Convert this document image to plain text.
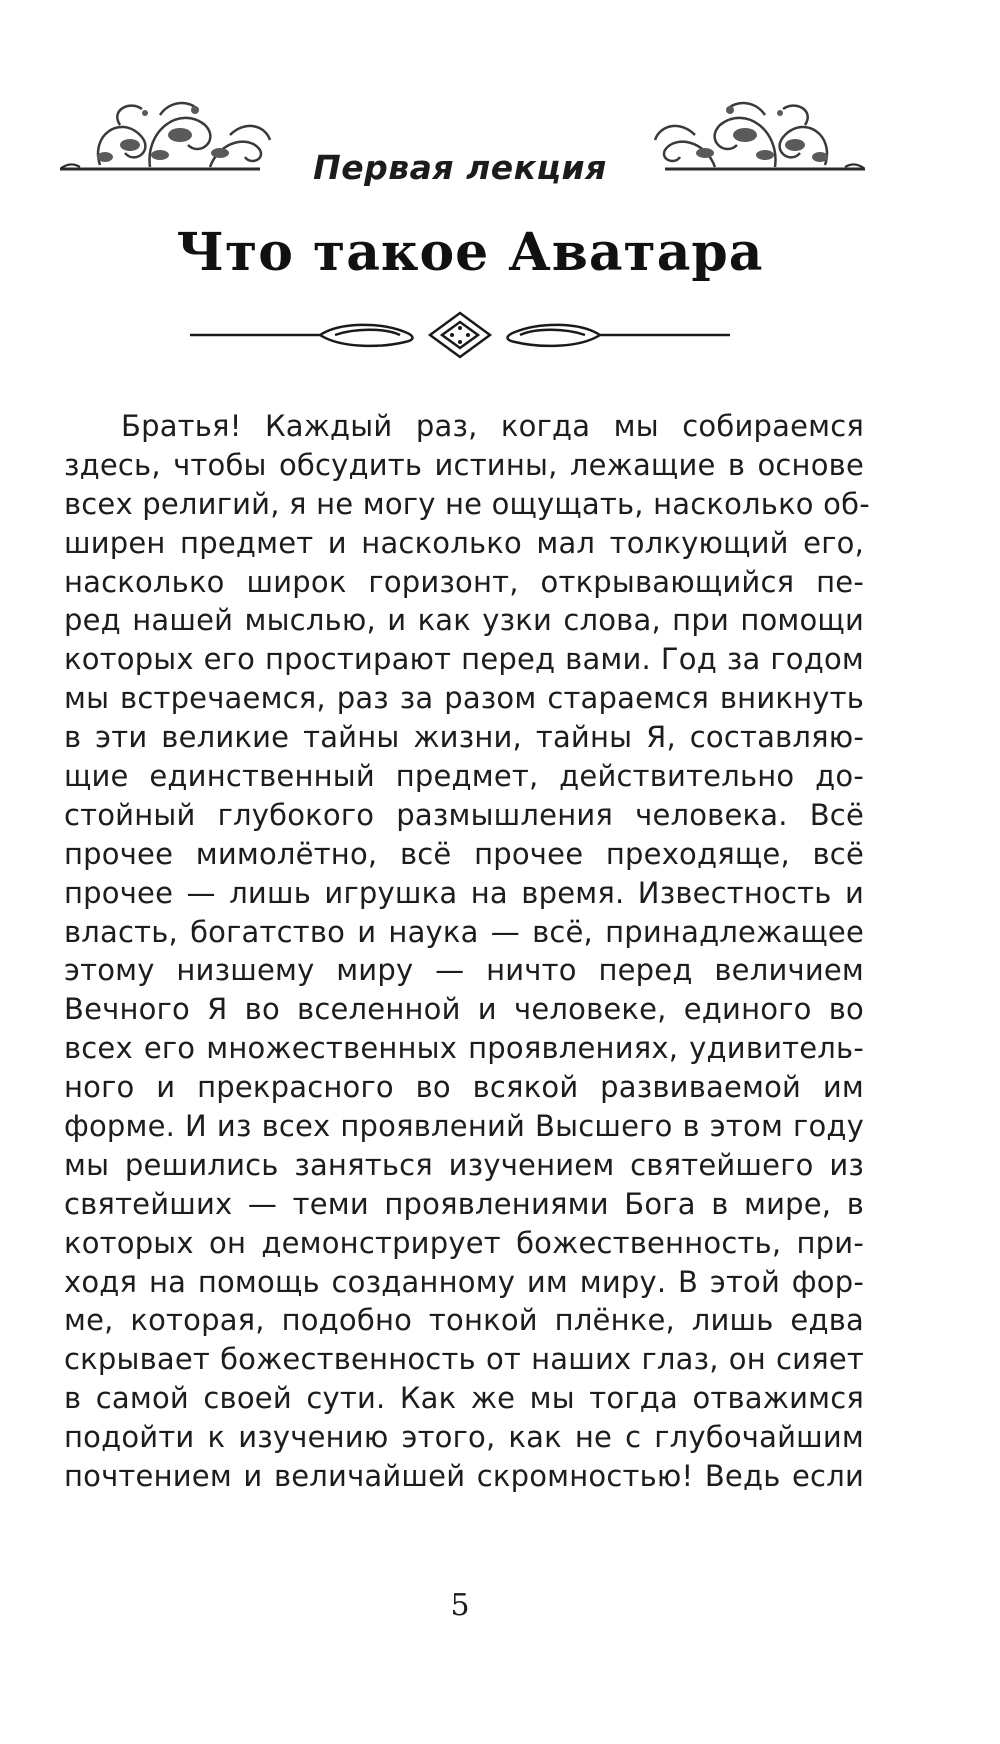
Первая лекция
Что такое Аватара
Братья! Каждый раз, когда мы собираемся
здесь, чтобы обсудить истины, лежащие в основе
всех религий, я не могу не ощущать, насколько об-
ширен предмет и насколько мал толкующий его,
насколько широк горизонт, открывающийся пе-
ред нашей мыслью, и как узки слова, при помощи
которых его простирают перед вами. Год за годом
мы встречаемся, раз за разом стараемся вникнуть
в эти великие тайны жизни, тайны Я, составляю-
щие единственный предмет, действительно до-
стойный глубокого размышления человека. Всё
прочее мимолётно, всё прочее преходяще, всё
прочее — лишь игрушка на время. Известность и
власть, богатство и наука — всё, принадлежащее
этому низшему миру — ничто перед величием
Вечного Я во вселенной и человеке, единого во
всех его множественных проявлениях, удивитель-
ного и прекрасного во всякой развиваемой им
форме. И из всех проявлений Высшего в этом году
мы решились заняться изучением святейшего из
святейших — теми проявлениями Бога в мире, в
которых он демонстрирует божественность, при-
ходя на помощь созданному им миру. В этой фор-
ме, которая, подобно тонкой плёнке, лишь едва
скрывает божественность от наших глаз, он сияет
в самой своей сути. Как же мы тогда отважимся
подойти к изучению этого, как не с глубочайшим
почтением и величайшей скромностью! Ведь если
5
